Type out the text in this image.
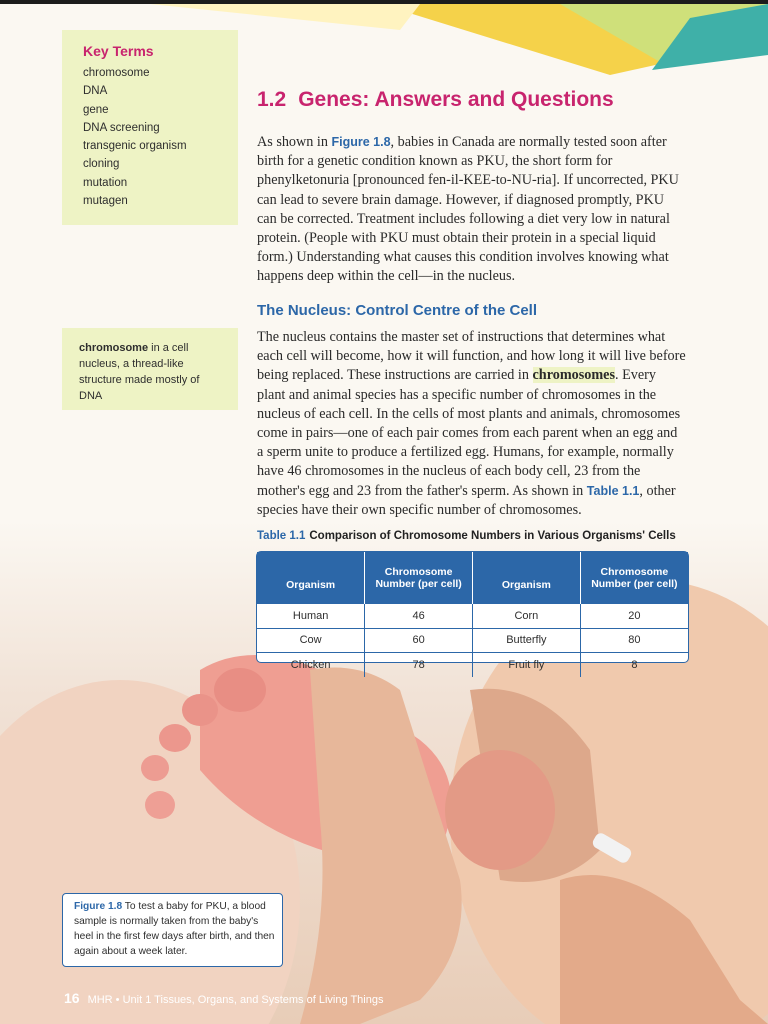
Key Terms
chromosome
DNA
gene
DNA screening
transgenic organism
cloning
mutation
mutagen
1.2 Genes: Answers and Questions

As shown in Figure 1.8, babies in Canada are normally tested soon after birth for a genetic condition known as PKU, the short form for phenylketonuria [pronounced fen-il-KEE-to-NU-ria]. If uncorrected, PKU can lead to severe brain damage. However, if diagnosed promptly, PKU can be corrected. Treatment includes following a diet very low in natural protein. (People with PKU must obtain their protein in a special liquid form.) Understanding what causes this condition involves knowing what happens deep within the cell—in the nucleus.

The Nucleus: Control Centre of the Cell
chromosome in a cell nucleus, a thread-like structure made mostly of DNA

The nucleus contains the master set of instructions that determines what each cell will become, how it will function, and how long it will live before being replaced. These instructions are carried in chromosomes. Every plant and animal species has a specific number of chromosomes in the nucleus of each cell. In the cells of most plants and animals, chromosomes come in pairs—one of each pair comes from each parent when an egg and a sperm unite to produce a fertilized egg. Humans, for example, normally have 46 chromosomes in the nucleus of each body cell, 23 from the mother's egg and 23 from the father's sperm. As shown in Table 1.1, other species have their own specific number of chromosomes.

Table 1.1 Comparison of Chromosome Numbers in Various Organisms' Cells
Organism	Chromosome Number (per cell)	Organism	Chromosome Number (per cell)
Human	46	Corn	20
Cow	60	Butterfly	80
Chicken	78	Fruit fly	8
Figure 1.8 To test a baby for PKU, a blood sample is normally taken from the baby's heel in the first few days after birth, and then again about a week later.
16 MHR • Unit 1 Tissues, Organs, and Systems of Living Things
